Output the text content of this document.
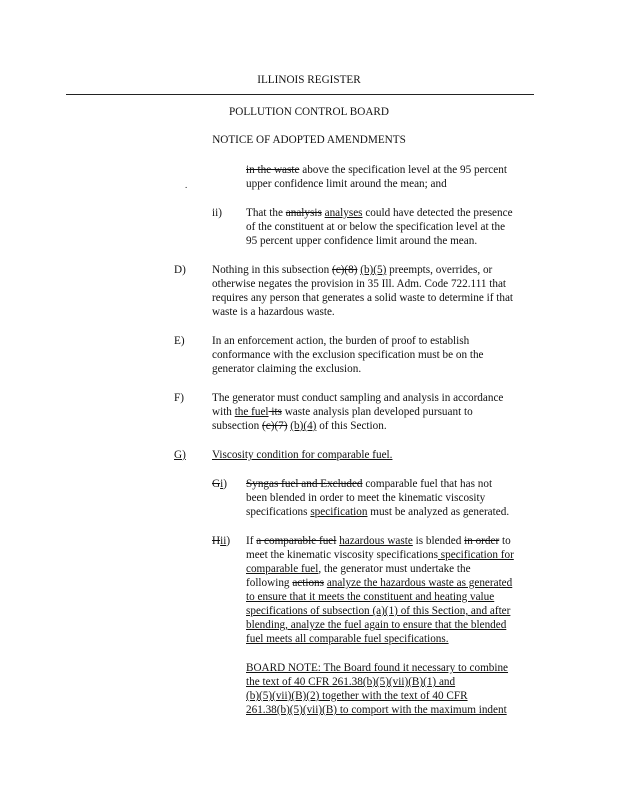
ILLINOIS REGISTER
POLLUTION CONTROL BOARD
NOTICE OF ADOPTED AMENDMENTS
.
in the waste above the specification level at the 95 percent
upper confidence limit around the mean; and
ii) That the analysis analyses could have detected the presence
of the constituent at or below the specification level at the
95 percent upper confidence limit around the mean.
D) Nothing in this subsection (c)(8) (b)(5) preempts, overrides, or
otherwise negates the provision in 35 Ill. Adm. Code 722.111 that
requires any person that generates a solid waste to determine if that
waste is a hazardous waste.
E) In an enforcement action, the burden of proof to establish
conformance with the exclusion specification must be on the
generator claiming the exclusion.
F)	The generator must conduct sampling and analysis in accordance
with the fuel its waste analysis plan developed pursuant to
subsection (c)(7) (b)(4) of this Section.
G) Viscosity condition for comparable fuel.
Gi) Syngas fuel and Excluded comparable fuel that has not
been blended in order to meet the kinematic viscosity
specifications specification must be analyzed as generated.
Hii) If a comparable fuel hazardous waste is blended in order to
meet the kinematic viscosity specifications specification for
comparable fuel, the generator must undertake the
following actions analyze the hazardous waste as generated
to ensure that it meets the constituent and heating value
specifications of subsection (a)(1) of this Section, and after
blending, analyze the fuel again to ensure that the blended
fuel meets all comparable fuel specifications.
BOARD NOTE: The Board found it necessary to combine
the text of 40 CFR 261.38(b)(5)(vii)(B)(1) and
(b)(5)(vii)(B)(2) together with the text of 40 CFR
261.38(b)(5)(vii)(B) to comport with the maximum indent
